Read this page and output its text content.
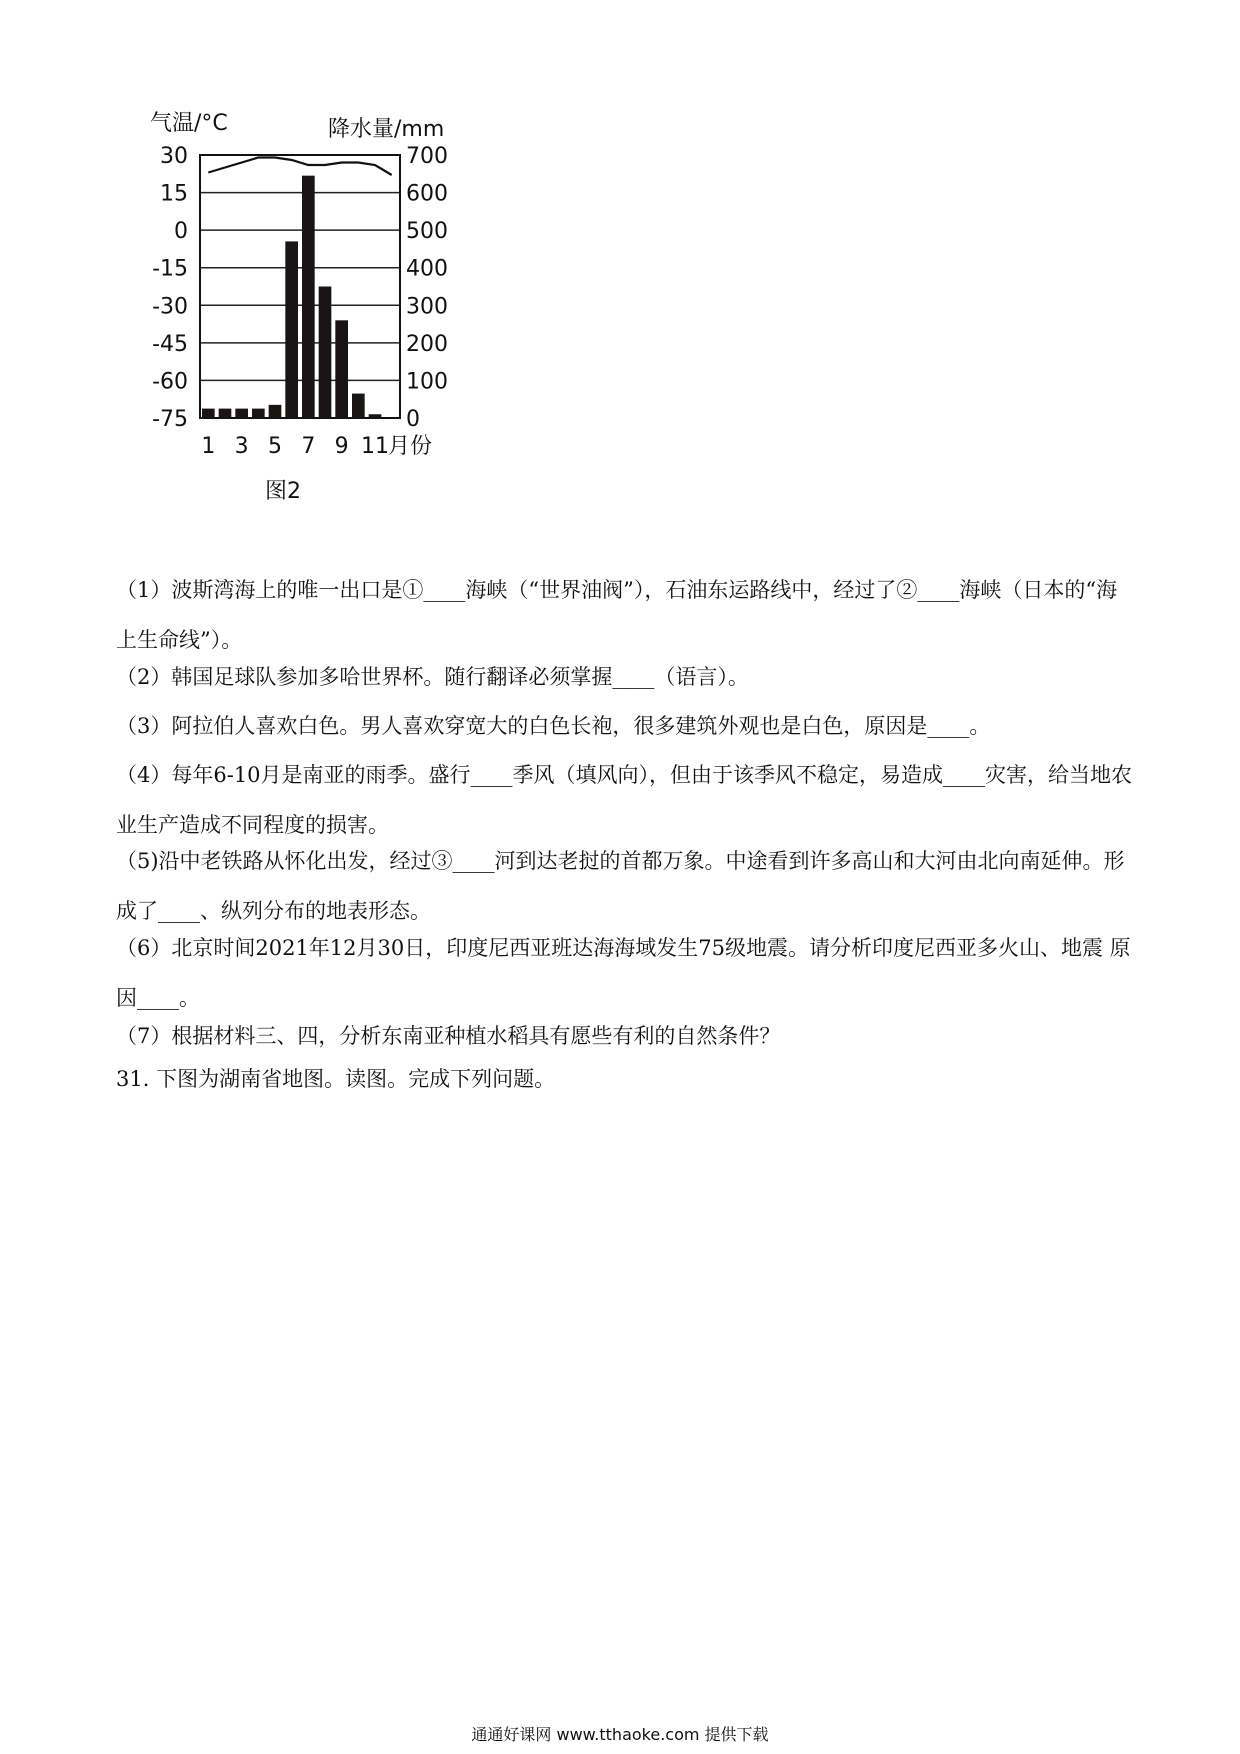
气温/°C	降水量/mm
30
15
0
-15
-30
-45
-60
-75
700
600
500
400
300
200
100
0
1 3 5 7 9 11 月份
图2

（1）波斯湾海上的唯一出口是①____海峡（“世界油阀”），石油东运路线中，经过了②____海峡（日本的“海上生命线”）。

（2）韩国足球队参加多哈世界杯。随行翻译必须掌握____（语言）。

（3）阿拉伯人喜欢白色。男人喜欢穿宽大的白色长袍，很多建筑外观也是白色，原因是____。

（4）每年6-10月是南亚的雨季。盛行____季风（填风向），但由于该季风不稳定，易造成____灾害，给当地农业生产造成不同程度的损害。

（5)沿中老铁路从怀化出发，经过③____河到达老挝的首都万象。中途看到许多高山和大河由北向南延伸。形成了____、纵列分布的地表形态。

（6）北京时间2021年12月30日，印度尼西亚班达海海域发生75级地震。请分析印度尼西亚多火山、地震 原因____。

（7）根据材料三、四，分析东南亚种植水稻具有愿些有利的自然条件？

31. 下图为湖南省地图。读图。完成下列问题。

通通好课网 www.tthaoke.com 提供下载
